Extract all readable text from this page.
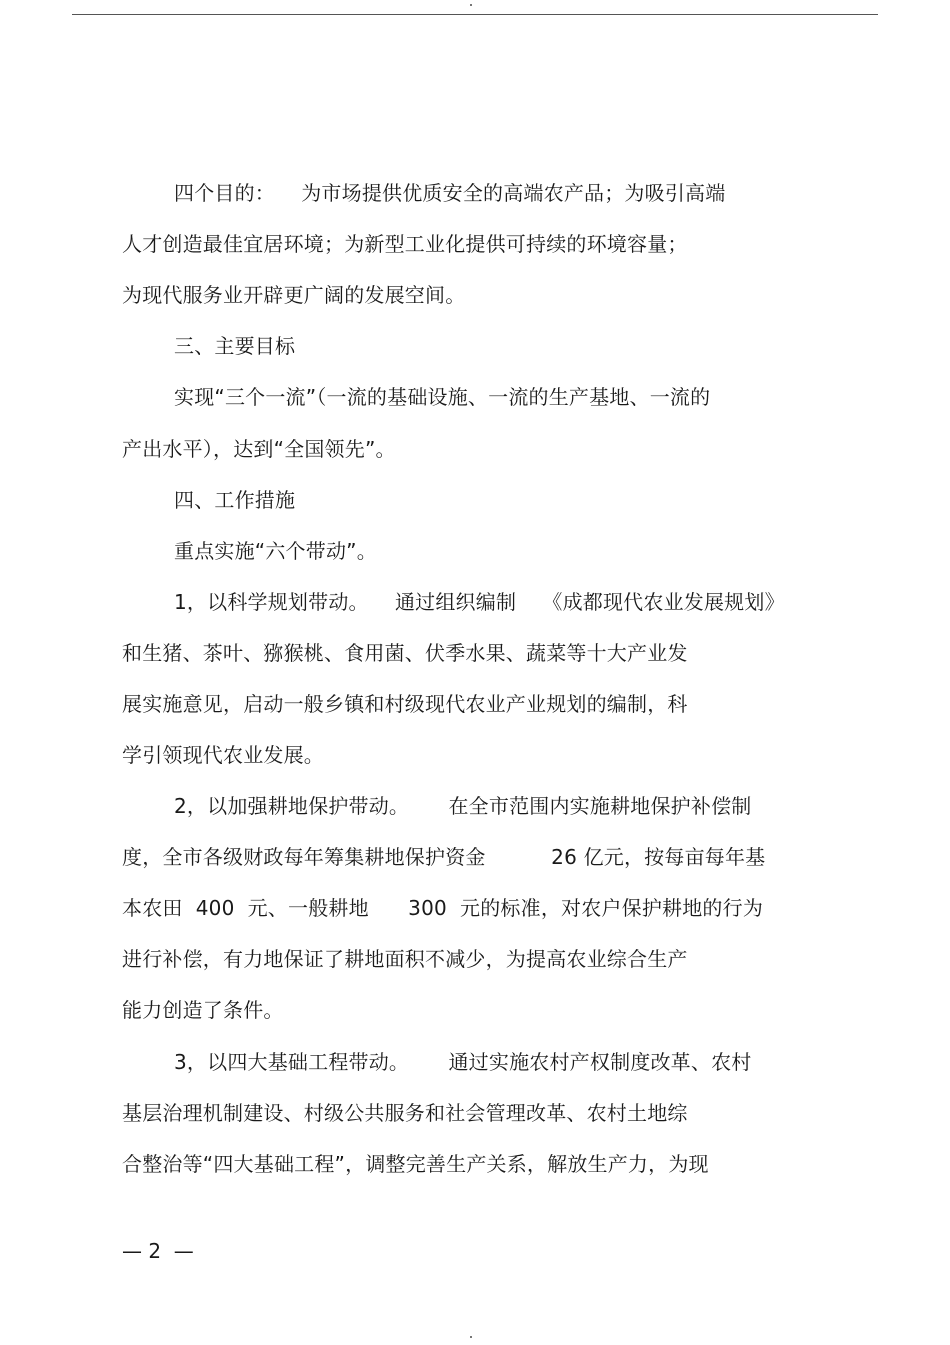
四个目的：    为市场提供优质安全的高端农产品；为吸引高端
人才创造最佳宜居环境；为新型工业化提供可持续的环境容量；
为现代服务业开辟更广阔的发展空间。
三、主要目标
实现“三个一流”（一流的基础设施、一流的生产基地、一流的
产出水平），达到“全国领先”。
四、工作措施
重点实施“六个带动”。
1，以科学规划带动。    通过组织编制    《成都现代农业发展规划》
和生猪、茶叶、猕猴桃、食用菌、伏季水果、蔬菜等十大产业发
展实施意见，启动一般乡镇和村级现代农业产业规划的编制，科
学引领现代农业发展。
2，以加强耕地保护带动。      在全市范围内实施耕地保护补偿制
度，全市各级财政每年筹集耕地保护资金          26 亿元，按每亩每年基
本农田  400  元、一般耕地      300  元的标准，对农户保护耕地的行为
进行补偿，有力地保证了耕地面积不减少，为提高农业综合生产
能力创造了条件。
3，以四大基础工程带动。      通过实施农村产权制度改革、农村
基层治理机制建设、村级公共服务和社会管理改革、农村土地综
合整治等“四大基础工程”，调整完善生产关系，解放生产力，为现
— 2  —
